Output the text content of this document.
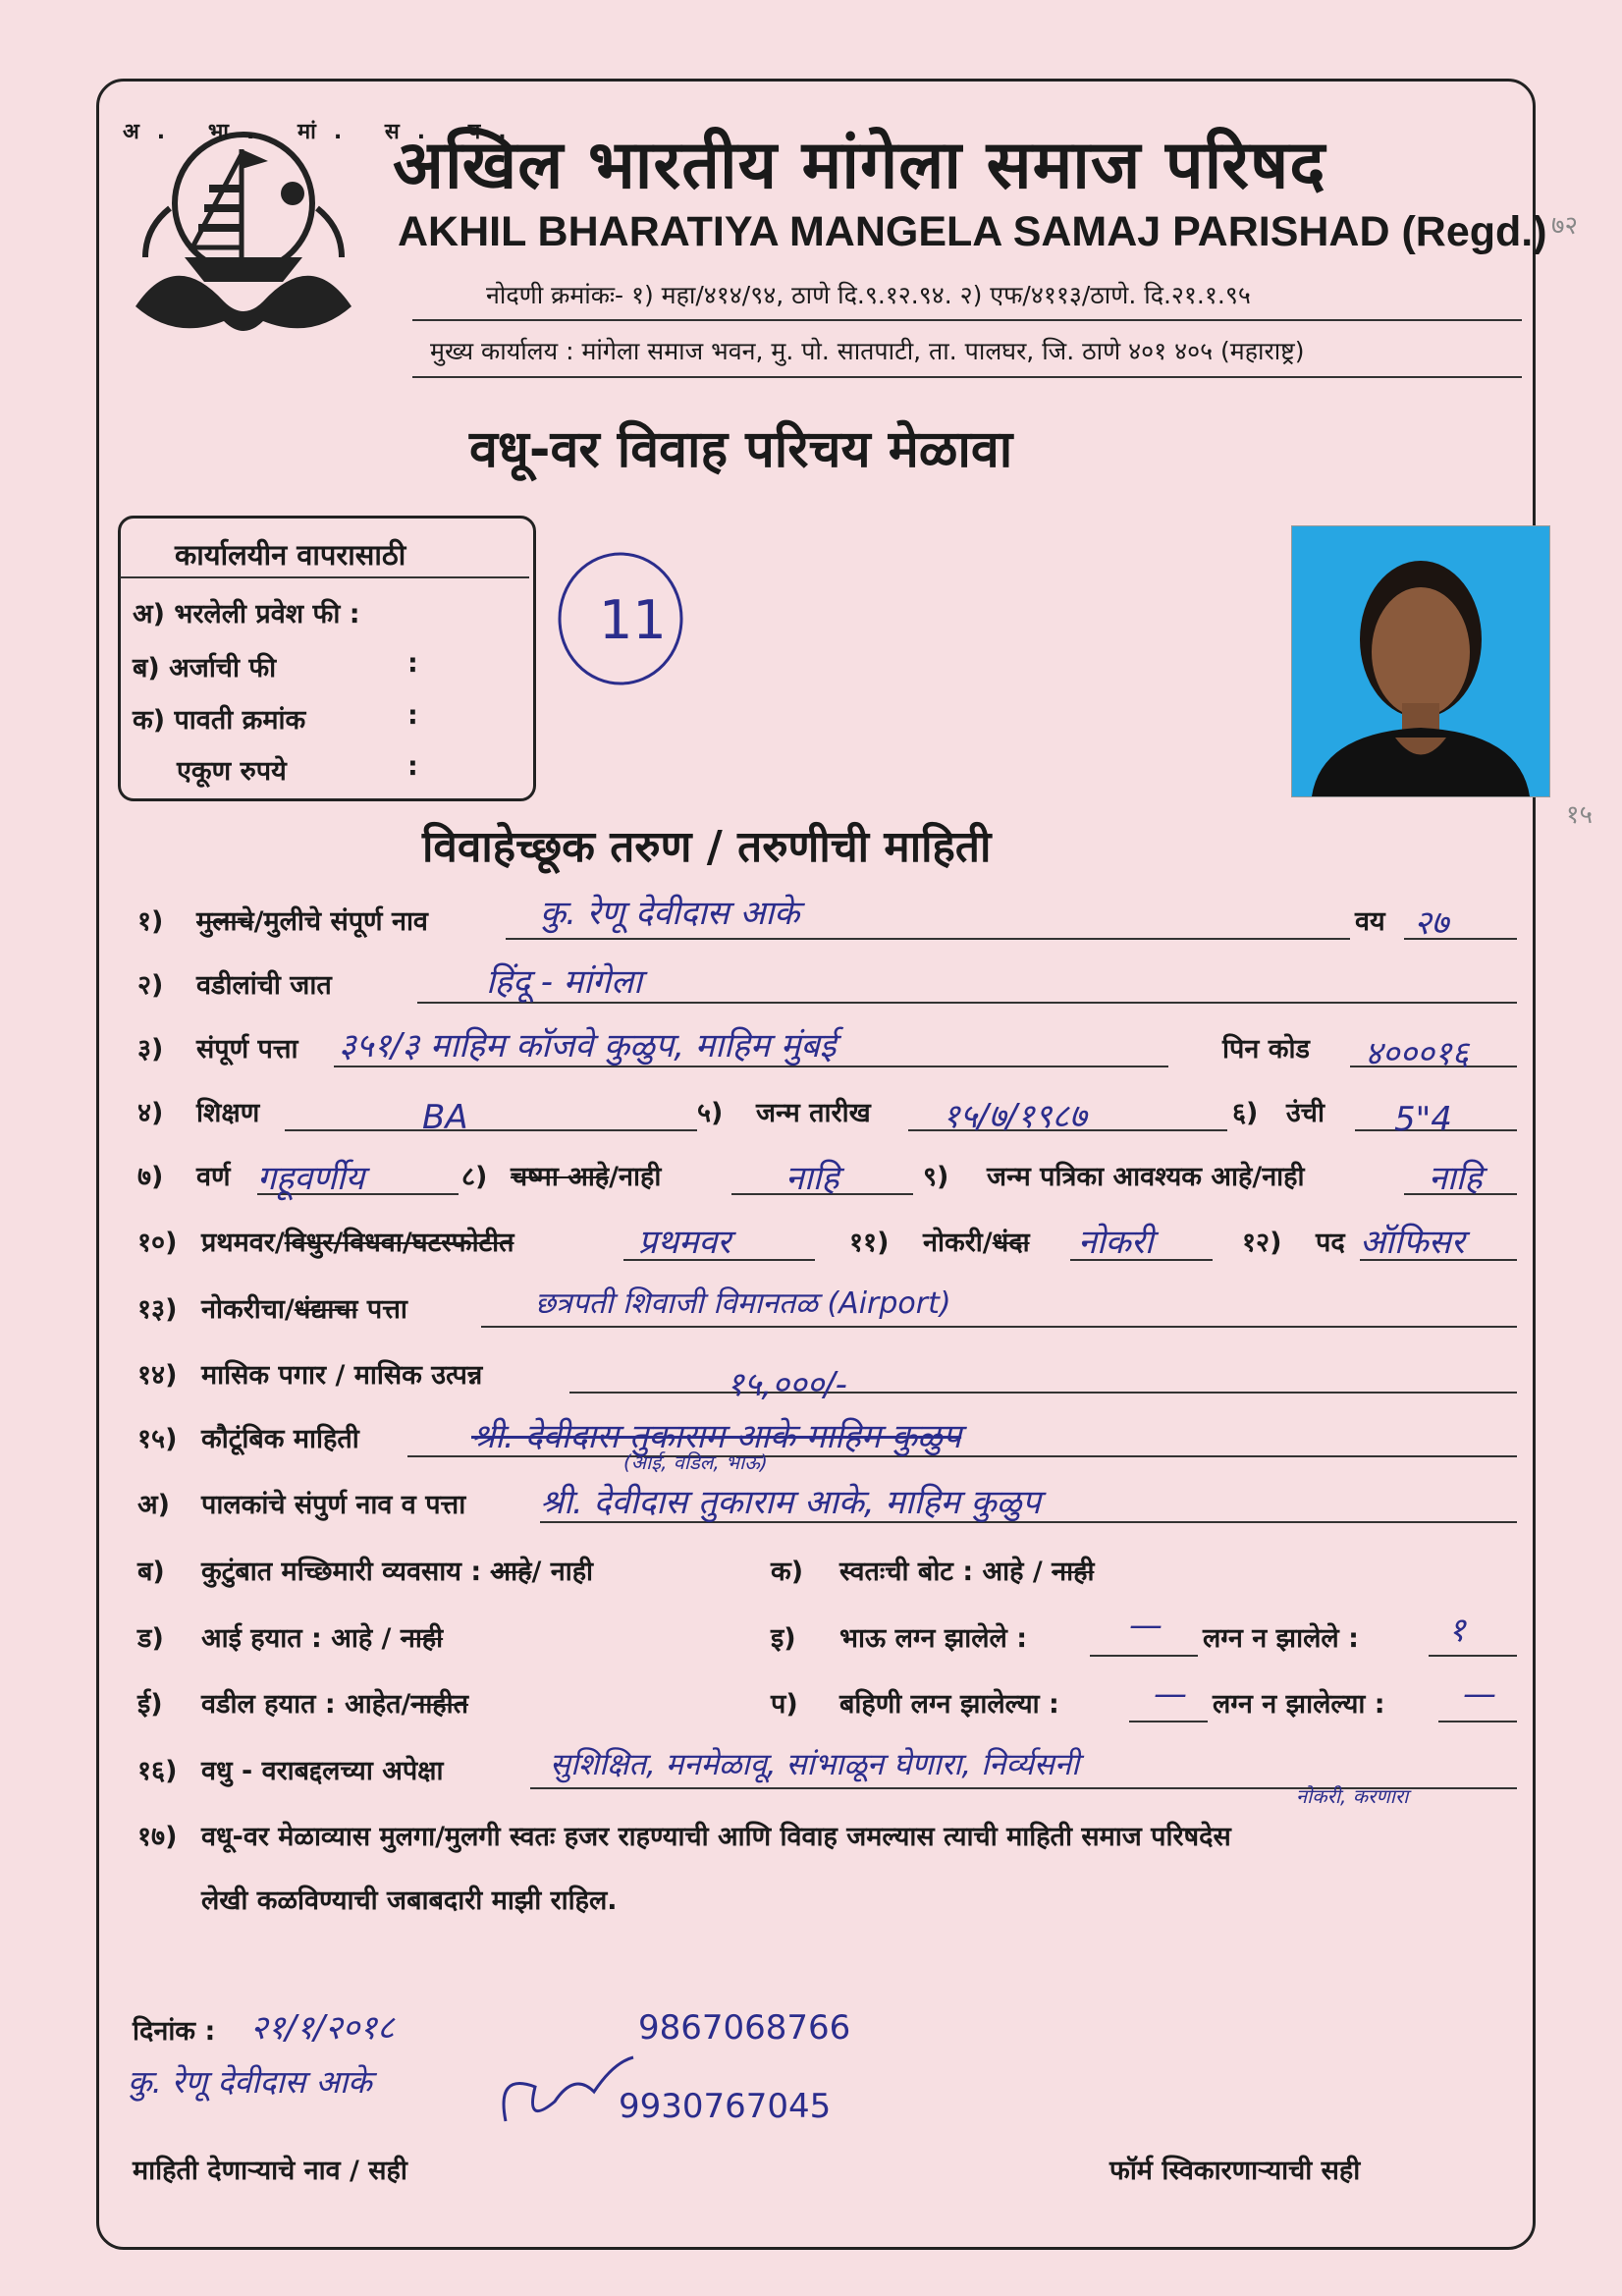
अ. भा. मां. स. प.
अखिल भारतीय मांगेला समाज परिषद
AKHIL BHARATIYA MANGELA SAMAJ PARISHAD (Regd.)
नोदणी क्रमांकः- १) महा/४१४/९४, ठाणे दि.९.१२.९४. २) एफ/४११३/ठाणे. दि.२१.१.९५
मुख्य कार्यालय : मांगेला समाज भवन, मु. पो. सातपाटी, ता. पालघर, जि. ठाणे ४०१ ४०५ (महाराष्ट्र)
७२
१५
वधू-वर विवाह परिचय मेळावा
कार्यालयीन वापरासाठी
अ) भरलेली प्रवेश फी :
ब) अर्जाची फी	:
क) पावती क्रमांक	:
एकूण रुपये	:
11
विवाहेच्छूक तरुण / तरुणीची माहिती
१) मुलाचे/मुलीचे संपूर्ण नाव	कु. रेणू देवीदास आके	वय २७
२) वडीलांची जात	हिंदू - मांगेला
३) संपूर्ण पत्ता ३५१/३ माहिम कॉजवे कुळुप, माहिम मुंबई	पिन कोड ४०००१६
४) शिक्षण	BA	५) जन्म तारीख १५/७/१९८७	६) उंची 5"4
७) वर्ण गहूवर्णीय	८) चष्मा आहे/नाही	नाहि	९) जन्म पत्रिका आवश्यक आहे/नाही	नाहि
१०) प्रथमवर/विधुर/विधवा/घटस्फोटीत	प्रथमवर	११) नोकरी/धंदा नोकरी	१२) पद ऑफिसर
१३) नोकरीचा/धंद्याचा पत्ता	छत्रपती शिवाजी विमानतळ (Airport)
१४) मासिक पगार / मासिक उत्पन्न	१५,०००/-
१५) कौटूंबिक माहिती	श्री. देवीदास तुकाराम आके माहिम कुळुप
(आई, वडिल, भाऊ)
अ) पालकांचे संपुर्ण नाव व पत्ता श्री. देवीदास तुकाराम आके, माहिम कुळुप
ब) कुटुंबात मच्छिमारी व्यवसाय : आहे/ नाही	क) स्वतःची बोट : आहे / नाही
ड) आई हयात : आहे / नाही	इ) भाऊ लग्न झालेले :	— लग्न न झालेले :	१
ई) वडील हयात : आहेत/नाहीत	प) बहिणी लग्न झालेल्या :	— लग्न न झालेल्या : —
१६) वधु - वराबद्दलच्या अपेक्षा	सुशिक्षित, मनमेळावू, सांभाळून घेणारा, निर्व्यसनी
नोकरी, करणारा
१७) वधू-वर मेळाव्यास मुलगा/मुलगी स्वतः हजर राहण्याची आणि विवाह जमल्यास त्याची माहिती समाज परिषदेस
लेखी कळविण्याची जबाबदारी माझी राहिल.
दिनांक : २१/१/२०१८
कु. रेणू देवीदास आके
9867068766
9930767045
माहिती देणाऱ्याचे नाव / सही	फॉर्म स्विकारणाऱ्याची सही
